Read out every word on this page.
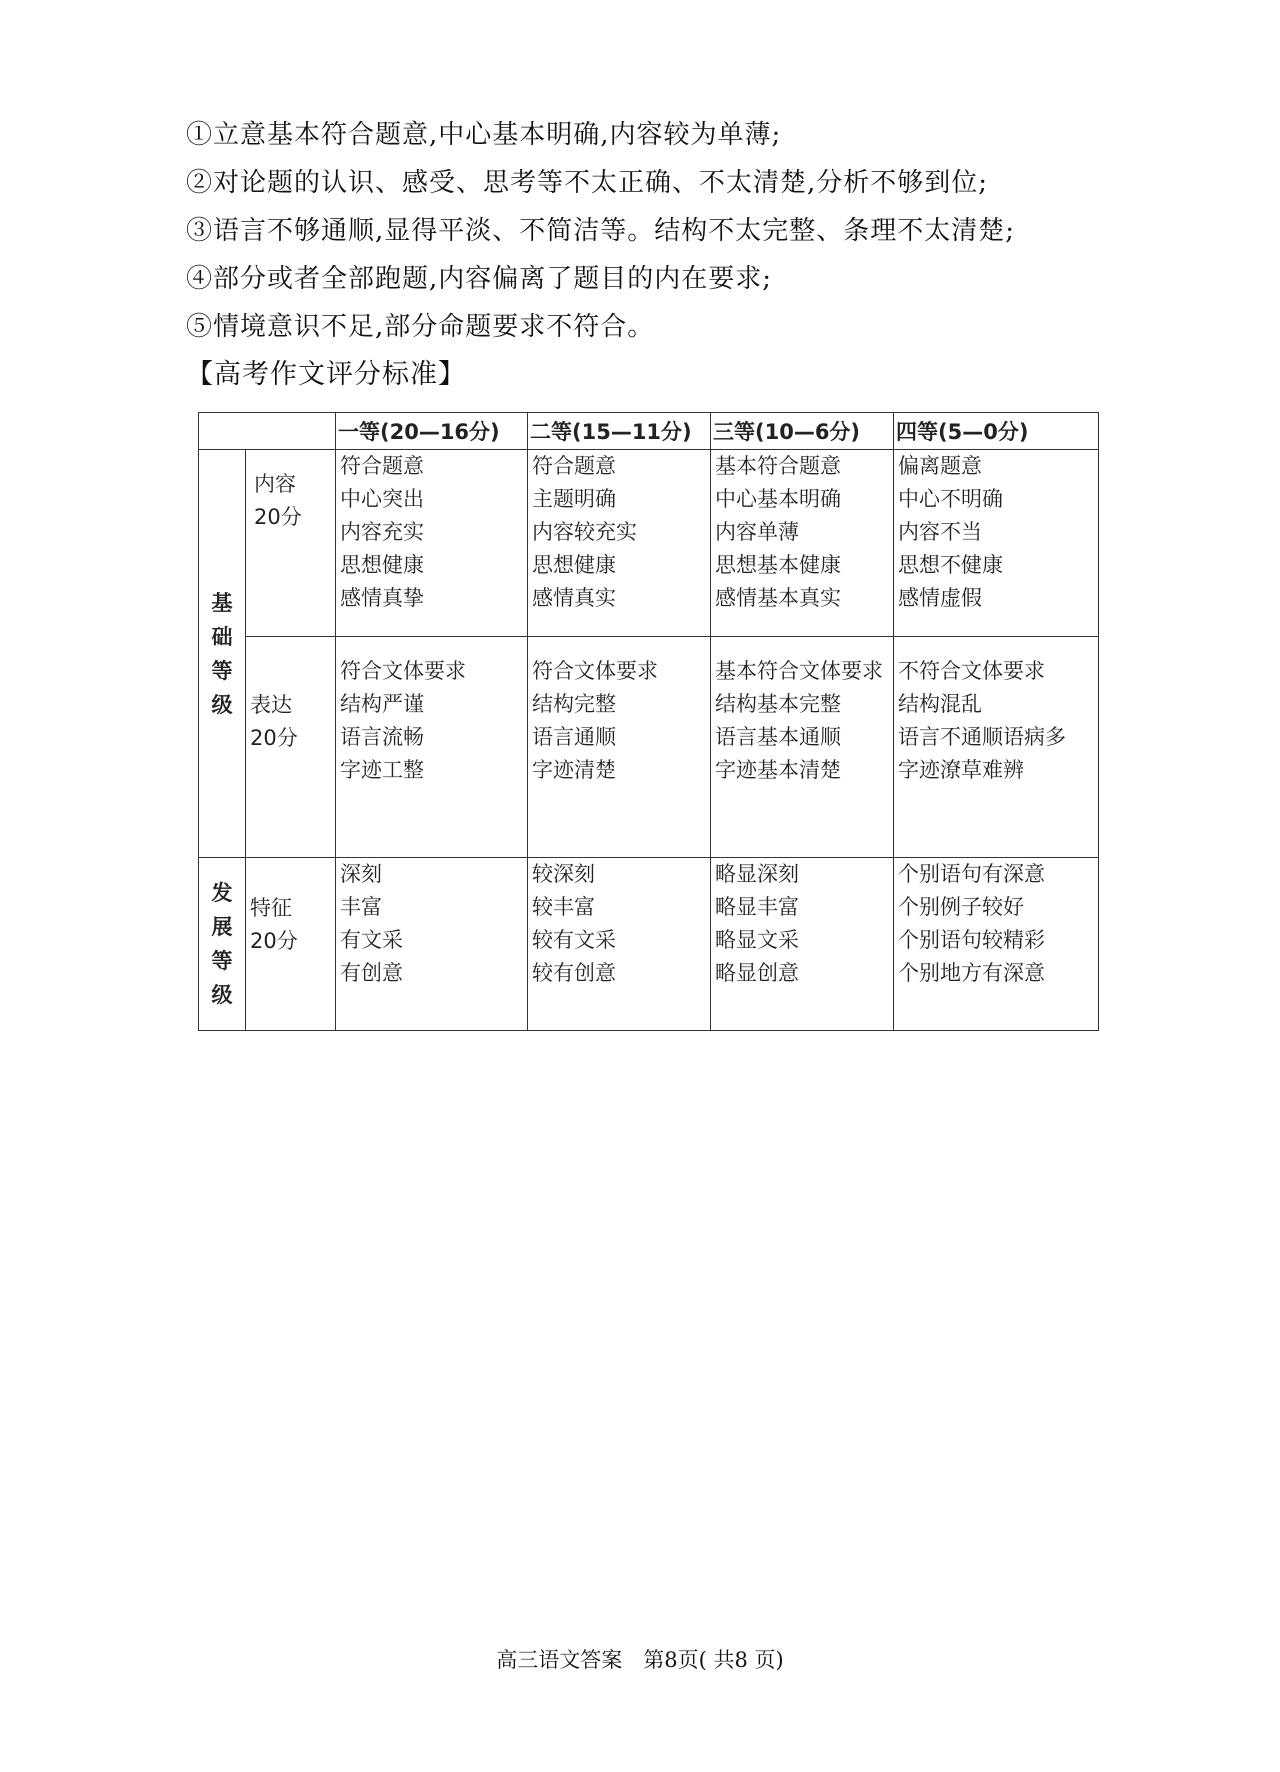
①立意基本符合题意,中心基本明确,内容较为单薄;
②对论题的认识、感受、思考等不太正确、不太清楚,分析不够到位;
③语言不够通顺,显得平淡、不简洁等。结构不太完整、条理不太清楚;
④部分或者全部跑题,内容偏离了题目的内在要求;
⑤情境意识不足,部分命题要求不符合。
【高考作文评分标准】
		一等(20—16分)	二等(15—11分)	三等(10—6分)	四等(5—0分)

基
础
等
级	内容
20分	符合题意
中心突出
内容充实
思想健康
感情真挚	符合题意
主题明确
内容较充实
思想健康
感情真实	基本符合题意
中心基本明确
内容单薄
思想基本健康
感情基本真实	偏离题意
中心不明确
内容不当
思想不健康
感情虚假

	表达
20分	符合文体要求
结构严谨
语言流畅
字迹工整	符合文体要求
结构完整
语言通顺
字迹清楚	基本符合文体要求
结构基本完整
语言基本通顺
字迹基本清楚	不符合文体要求
结构混乱
语言不通顺语病多
字迹潦草难辨

发
展
等
级	特征
20分	深刻
丰富
有文采
有创意	较深刻
较丰富
较有文采
较有创意	略显深刻
略显丰富
略显文采
略显创意	个别语句有深意
个别例子较好
个别语句较精彩
个别地方有深意
高三语文答案　第8页( 共8 页)
